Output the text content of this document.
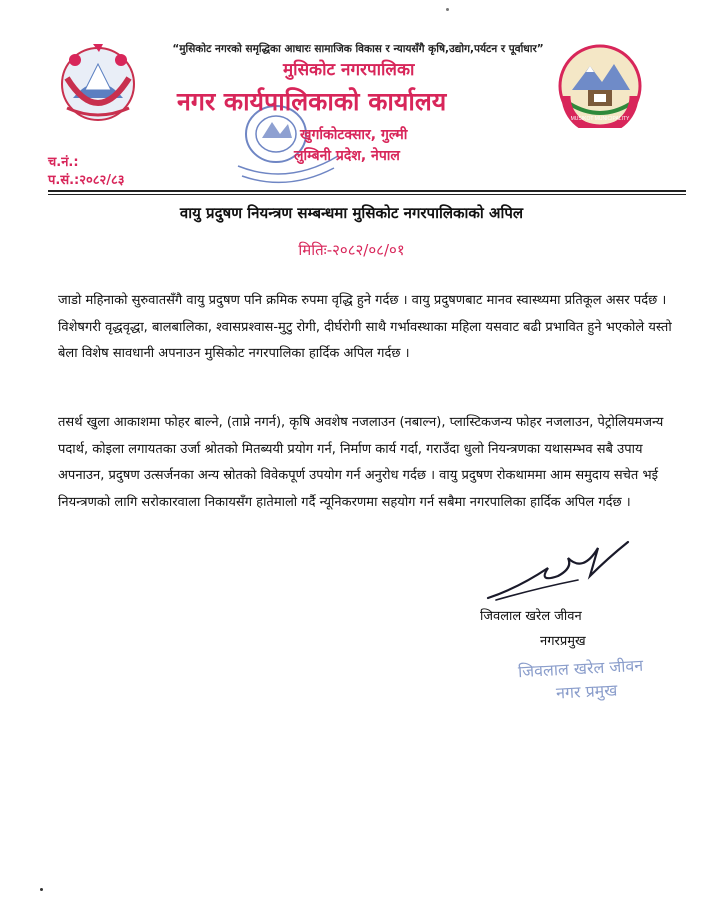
MUSIKOT MUNICIPALITY
“मुसिकोट नगरको समृद्धिका आधारः सामाजिक विकास र न्यायसँगै कृषि,उद्योग,पर्यटन र पूर्वाधार”
मुसिकोट नगरपालिका
नगर कार्यपालिकाको कार्यालय
खुर्गाकोटक्सार, गुल्मी
लुम्बिनी प्रदेश, नेपाल
च.नं.:
प.सं.:२०८२/८३
वायु प्रदुषण नियन्त्रण सम्बन्धमा मुसिकोट नगरपालिकाको अपिल
मितिः-२०८२/०८/०१
जाडो महिनाको सुरुवातसँगै वायु प्रदुषण पनि क्रमिक रुपमा वृद्धि हुने गर्दछ । वायु प्रदुषणबाट मानव स्वास्थ्यमा प्रतिकूल असर पर्दछ । विशेषगरी वृद्धवृद्धा, बालबालिका, श्वासप्रश्वास-मुटु रोगी, दीर्घरोगी साथै गर्भावस्थाका महिला यसवाट बढी प्रभावित हुने भएकोले यस्तो बेला विशेष सावधानी अपनाउन मुसिकोट नगरपालिका हार्दिक अपिल गर्दछ ।
तसर्थ खुला आकाशमा फोहर बाल्ने, (ताप्ने नगर्न), कृषि अवशेष नजलाउन (नबाल्न), प्लास्टिकजन्य फोहर नजलाउन, पेट्रोलियमजन्य पदार्थ, कोइला लगायतका उर्जा श्रोतको मितब्ययी प्रयोग गर्न, निर्माण कार्य गर्दा, गराउँदा धुलो नियन्त्रणका यथासम्भव सबै उपाय अपनाउन, प्रदुषण उत्सर्जनका अन्य स्रोतको विवेकपूर्ण उपयोग गर्न अनुरोध गर्दछ । वायु प्रदुषण रोकथाममा आम समुदाय सचेत भई नियन्त्रणको लागि सरोकारवाला निकायसँग हातेमालो गर्दै न्यूनिकरणमा सहयोग गर्न सबैमा नगरपालिका हार्दिक अपिल गर्दछ ।
जिवलाल खरेल जीवन
नगरप्रमुख
जिवलाल खरेल जीवन
नगर प्रमुख
